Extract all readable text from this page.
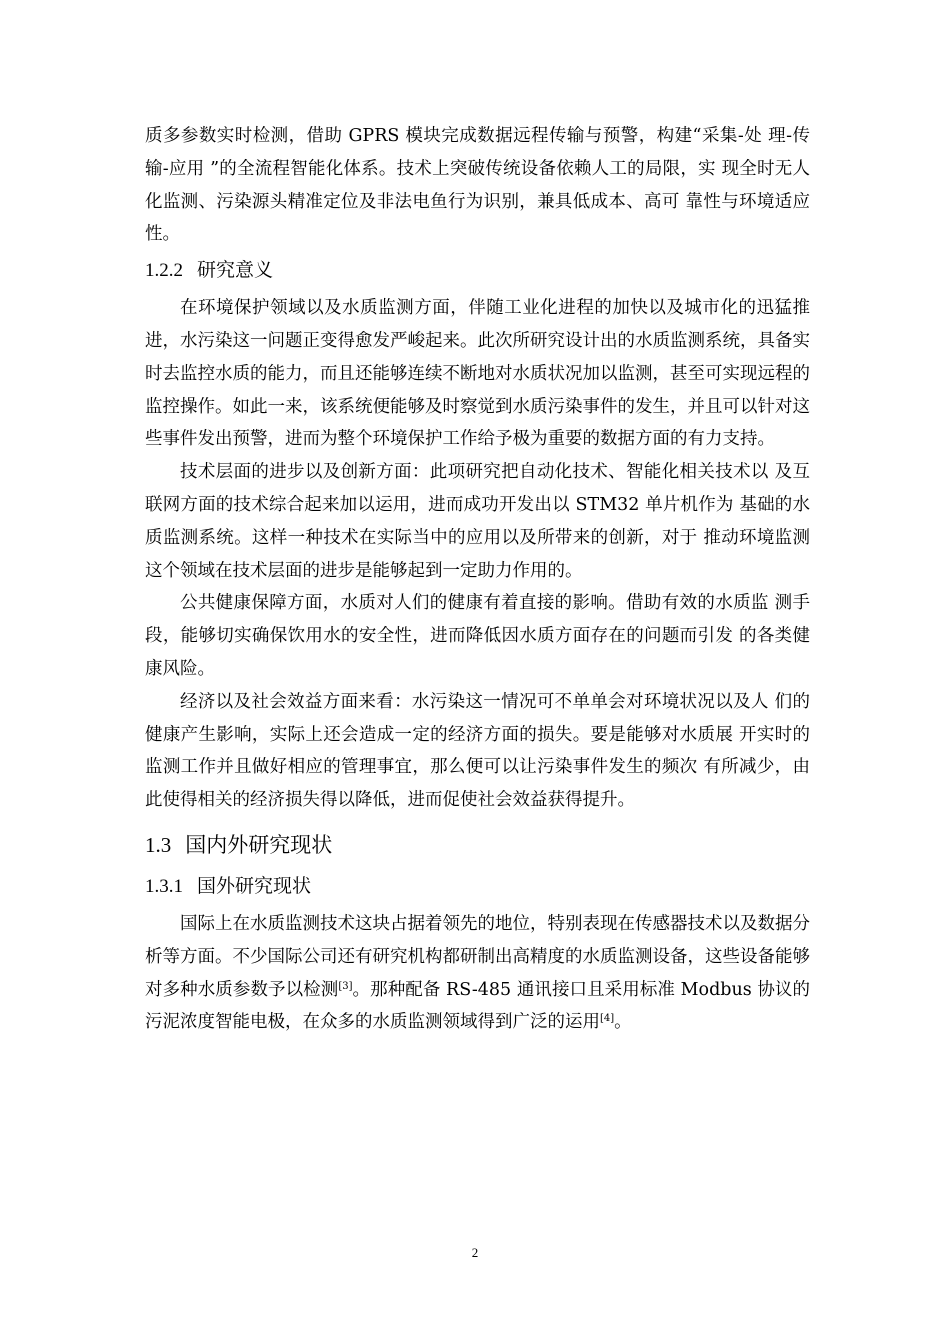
质多参数实时检测，借助 GPRS 模块完成数据远程传输与预警，构建“采集-处 理-传输-应用 ”的全流程智能化体系。技术上突破传统设备依赖人工的局限，实 现全时无人化监测、污染源头精准定位及非法电鱼行为识别，兼具低成本、高可 靠性与环境适应性。

1.2.2 研究意义

在环境保护领域以及水质监测方面，伴随工业化进程的加快以及城市化的迅猛推进，水污染这一问题正变得愈发严峻起来。此次所研究设计出的水质监测系统，具备实时去监控水质的能力，而且还能够连续不断地对水质状况加以监测，甚至可实现远程的监控操作。如此一来，该系统便能够及时察觉到水质污染事件的发生，并且可以针对这些事件发出预警，进而为整个环境保护工作给予极为重要的数据方面的有力支持。

技术层面的进步以及创新方面：此项研究把自动化技术、智能化相关技术以 及互联网方面的技术综合起来加以运用，进而成功开发出以 STM32 单片机作为 基础的水质监测系统。这样一种技术在实际当中的应用以及所带来的创新，对于 推动环境监测这个领域在技术层面的进步是能够起到一定助力作用的。

公共健康保障方面，水质对人们的健康有着直接的影响。借助有效的水质监 测手段，能够切实确保饮用水的安全性，进而降低因水质方面存在的问题而引发 的各类健康风险。

经济以及社会效益方面来看：水污染这一情况可不单单会对环境状况以及人 们的健康产生影响，实际上还会造成一定的经济方面的损失。要是能够对水质展 开实时的监测工作并且做好相应的管理事宜，那么便可以让污染事件发生的频次 有所减少，由此使得相关的经济损失得以降低，进而促使社会效益获得提升。

1.3 国内外研究现状
1.3.1 国外研究现状

国际上在水质监测技术这块占据着领先的地位，特别表现在传感器技术以及数据分析等方面。不少国际公司还有研究机构都研制出高精度的水质监测设备，这些设备能够对多种水质参数予以检测[3]。那种配备 RS-485 通讯接口且采用标准 Modbus 协议的污泥浓度智能电极，在众多的水质监测领域得到广泛的运用[4]。

2
